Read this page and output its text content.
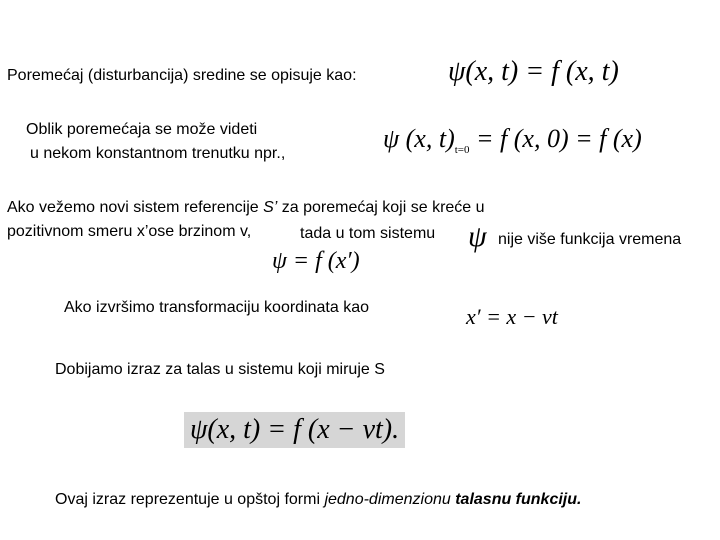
Poremećaj (disturbancija) sredine se opisuje kao:	ψ(x, t) = f (x, t)
Oblik poremećaja se može videti
u nekom konstantnom trenutku npr.,
ψ (x, $t)_{t=0} = f$ (x, 0) = f (x)
Ako vežemo novi sistem referencije S’ za poremećaj koji se kreće u
pozitivnom smeru x’ose brzinom v,	tada u tom sistemu ψ nije više funkcija vremena
ψ = f (x′)
Ako izvršimo transformaciju koordinata kao	x′ = x − vt
Dobijamo izraz za talas u sistemu koji miruje S
ψ(x, t) = f (x − vt).
Ovaj izraz reprezentuje u opštoj formi jedno-dimenzionu talasnu funkciju.
